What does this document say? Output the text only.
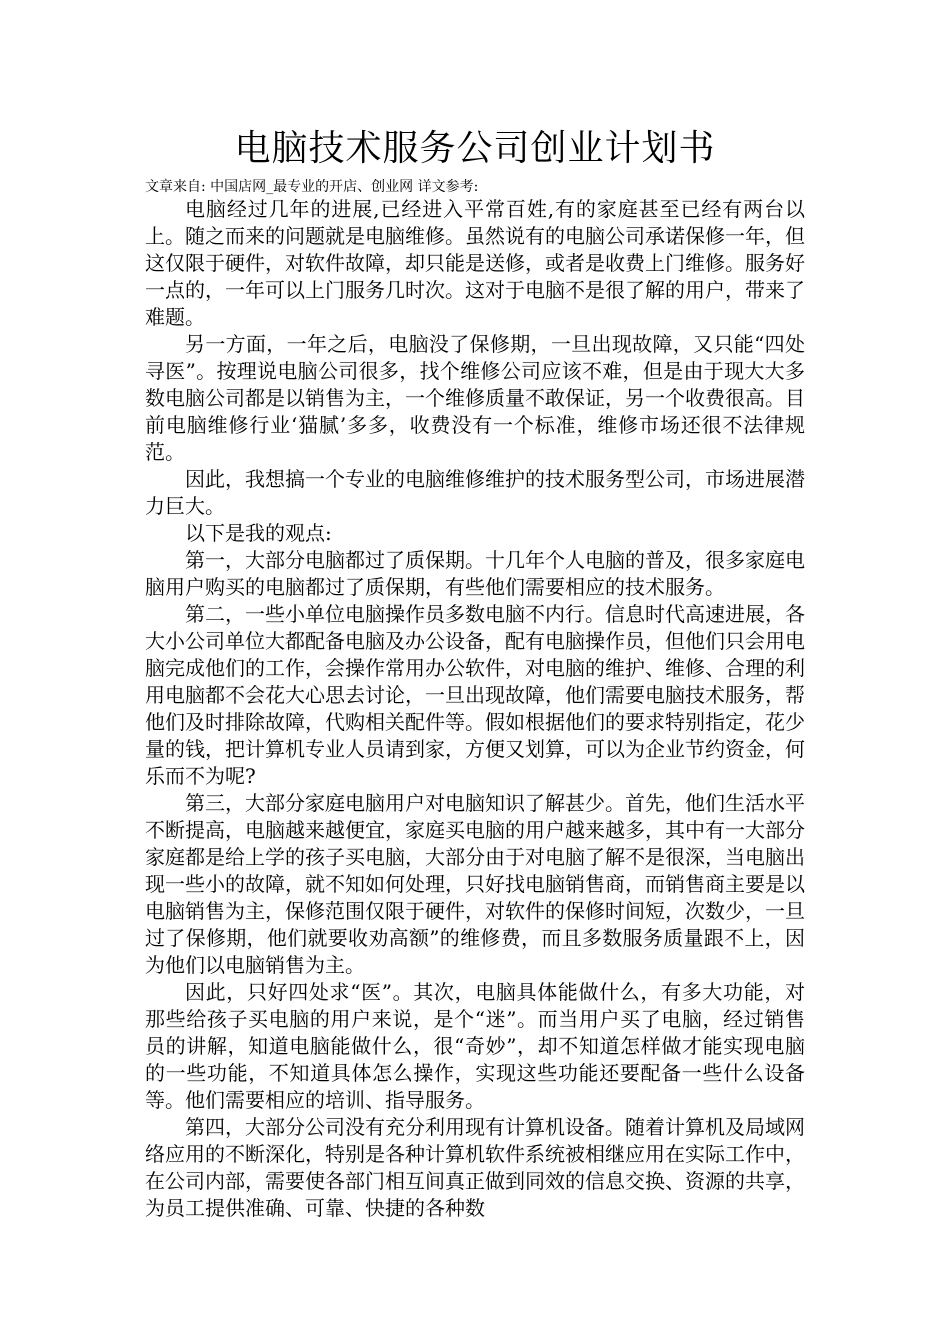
电脑技术服务公司创业计划书

文章来自: 中国店网_最专业的开店、创业网 详文参考:

电脑经过几年的进展,已经进入平常百姓,有的家庭甚至已经有两台以上。随之而来的问题就是电脑维修。虽然说有的电脑公司承诺保修一年，但这仅限于硬件，对软件故障，却只能是送修，或者是收费上门维修。服务好一点的，一年可以上门服务几时次。这对于电脑不是很了解的用户，带来了难题。

另一方面，一年之后，电脑没了保修期，一旦出现故障，又只能“四处寻医”。按理说电脑公司很多，找个维修公司应该不难，但是由于现大大多数电脑公司都是以销售为主，一个维修质量不敢保证，另一个收费很高。目前电脑维修行业‘猫腻’多多，收费没有一个标准，维修市场还很不法律规范。

因此，我想搞一个专业的电脑维修维护的技术服务型公司，市场进展潜力巨大。

以下是我的观点:

第一，大部分电脑都过了质保期。十几年个人电脑的普及，很多家庭电脑用户购买的电脑都过了质保期，有些他们需要相应的技术服务。

第二，一些小单位电脑操作员多数电脑不内行。信息时代高速进展，各大小公司单位大都配备电脑及办公设备，配有电脑操作员，但他们只会用电脑完成他们的工作，会操作常用办公软件，对电脑的维护、维修、合理的利用电脑都不会花大心思去讨论，一旦出现故障，他们需要电脑技术服务，帮他们及时排除故障，代购相关配件等。假如根据他们的要求特别指定，花少量的钱，把计算机专业人员请到家，方便又划算，可以为企业节约资金，何乐而不为呢?

第三，大部分家庭电脑用户对电脑知识了解甚少。首先，他们生活水平不断提高，电脑越来越便宜，家庭买电脑的用户越来越多，其中有一大部分家庭都是给上学的孩子买电脑，大部分由于对电脑了解不是很深，当电脑出现一些小的故障，就不知如何处理，只好找电脑销售商，而销售商主要是以电脑销售为主，保修范围仅限于硬件，对软件的保修时间短，次数少，一旦过了保修期，他们就要收劝高额”的维修费，而且多数服务质量跟不上，因为他们以电脑销售为主。

因此，只好四处求“医”。其次，电脑具体能做什么，有多大功能，对那些给孩子买电脑的用户来说，是个“迷”。而当用户买了电脑，经过销售员的讲解，知道电脑能做什么，很“奇妙”，却不知道怎样做才能实现电脑的一些功能，不知道具体怎么操作，实现这些功能还要配备一些什么设备等。他们需要相应的培训、指导服务。

第四，大部分公司没有充分利用现有计算机设备。随着计算机及局域网络应用的不断深化，特别是各种计算机软件系统被相继应用在实际工作中，在公司内部，需要使各部门相互间真正做到同效的信息交换、资源的共享，为员工提供准确、可靠、快捷的各种数
